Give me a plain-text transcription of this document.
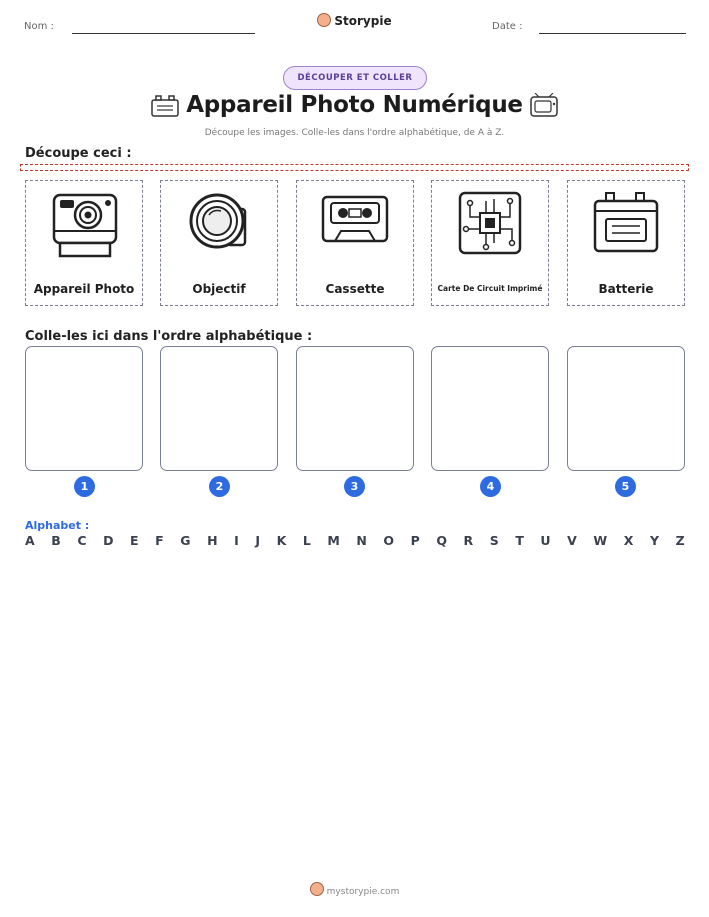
Nom :	Storypie	Date :
DÉCOUPER ET COLLER
Appareil Photo Numérique
Découpe les images. Colle-les dans l'ordre alphabétique, de A à Z.
Découpe ceci :
Appareil Photo	Objectif	Cassette	Carte De Circuit Imprimé	Batterie
Colle-les ici dans l'ordre alphabétique :
1	2	3	4	5
Alphabet :
A B C D E F G H I J K L M N O P Q R S T U V W X Y Z
mystorypie.com
